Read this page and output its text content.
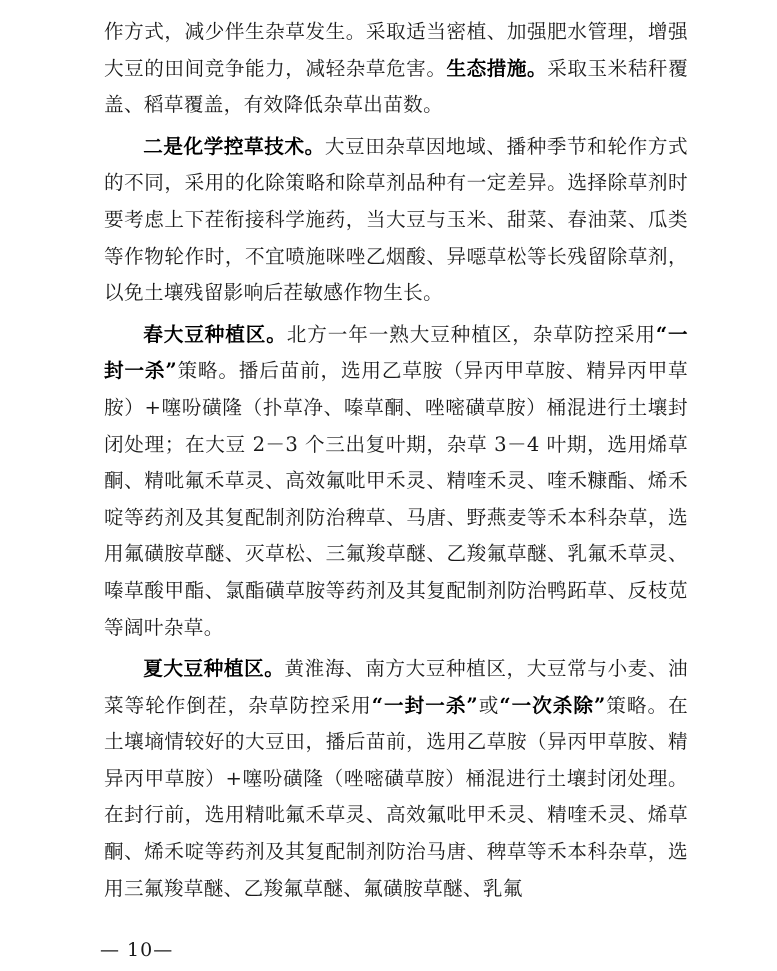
作方式，减少伴生杂草发生。采取适当密植、加强肥水管理，增强大豆的田间竞争能力，减轻杂草危害。生态措施。采取玉米秸秆覆盖、稻草覆盖，有效降低杂草出苗数。

二是化学控草技术。大豆田杂草因地域、播种季节和轮作方式的不同，采用的化除策略和除草剂品种有一定差异。选择除草剂时要考虑上下茬衔接科学施药，当大豆与玉米、甜菜、春油菜、瓜类等作物轮作时，不宜喷施咪唑乙烟酸、异噁草松等长残留除草剂，以免土壤残留影响后茬敏感作物生长。

春大豆种植区。北方一年一熟大豆种植区，杂草防控采用“一封一杀”策略。播后苗前，选用乙草胺（异丙甲草胺、精异丙甲草胺）+噻吩磺隆（扑草净、嗪草酮、唑嘧磺草胺）桶混进行土壤封闭处理；在大豆 2－3 个三出复叶期，杂草 3－4 叶期，选用烯草酮、精吡氟禾草灵、高效氟吡甲禾灵、精喹禾灵、喹禾糠酯、烯禾啶等药剂及其复配制剂防治稗草、马唐、野燕麦等禾本科杂草，选用氟磺胺草醚、灭草松、三氟羧草醚、乙羧氟草醚、乳氟禾草灵、嗪草酸甲酯、氯酯磺草胺等药剂及其复配制剂防治鸭跖草、反枝苋等阔叶杂草。

夏大豆种植区。黄淮海、南方大豆种植区，大豆常与小麦、油菜等轮作倒茬，杂草防控采用“一封一杀”或“一次杀除”策略。在土壤墒情较好的大豆田，播后苗前，选用乙草胺（异丙甲草胺、精异丙甲草胺）+噻吩磺隆（唑嘧磺草胺）桶混进行土壤封闭处理。在封行前，选用精吡氟禾草灵、高效氟吡甲禾灵、精喹禾灵、烯草酮、烯禾啶等药剂及其复配制剂防治马唐、稗草等禾本科杂草，选用三氟羧草醚、乙羧氟草醚、氟磺胺草醚、乳氟

— 10—
